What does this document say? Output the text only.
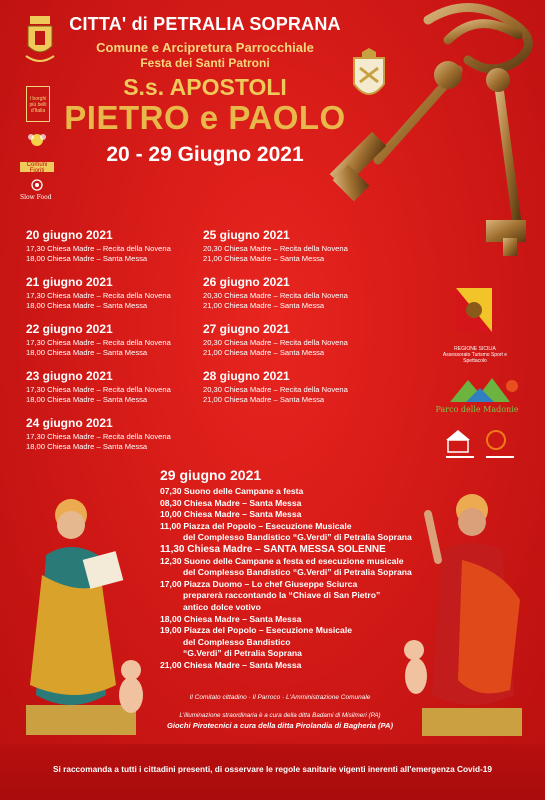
I borghi più belli d'Italia
Comuni Fioriti
Slow Food
CITTA' di PETRALIA SOPRANA
Comune e Arcipretura Parrocchiale
Festa dei Santi Patroni
S.s. APOSTOLI
PIETRO e PAOLO
20 - 29 Giugno 2021
20 giugno 2021
17,30 Chiesa Madre – Recita della Novena
18,00 Chiesa Madre – Santa Messa
21 giugno 2021
17,30 Chiesa Madre – Recita della Novena
18,00 Chiesa Madre – Santa Messa
22 giugno 2021
17,30 Chiesa Madre – Recita della Novena
18,00 Chiesa Madre – Santa Messa
23 giugno 2021
17,30 Chiesa Madre – Recita della Novena
18,00 Chiesa Madre – Santa Messa
24 giugno 2021
17,30 Chiesa Madre – Recita della Novena
18,00 Chiesa Madre – Santa Messa
25 giugno 2021
20,30 Chiesa Madre – Recita della Novena
21,00 Chiesa Madre – Santa Messa
26 giugno 2021
20,30 Chiesa Madre – Recita della Novena
21,00 Chiesa Madre – Santa Messa
27 giugno 2021
20,30 Chiesa Madre – Recita della Novena
21,00 Chiesa Madre – Santa Messa
28 giugno 2021
20,30 Chiesa Madre – Recita della Novena
21,00 Chiesa Madre – Santa Messa
REGIONE SICILIA Assessorato Turismo Sport e Spettacolo
Parco delle Madonie
29 giugno 2021
07,30 Suono delle Campane a festa
08,30 Chiesa Madre – Santa Messa
10,00 Chiesa Madre – Santa Messa
11,00 Piazza del Popolo – Esecuzione Musicale
del Complesso Bandistico “G.Verdi” di Petralia Soprana
11,30 Chiesa Madre – SANTA MESSA SOLENNE
12,30 Suono delle Campane a festa ed esecuzione musicale
del Complesso Bandistico “G.Verdi” di Petralia Soprana
17,00 Piazza Duomo – Lo chef Giuseppe Sciurca
preparerà raccontando la “Chiave di San Pietro”
antico dolce votivo
18,00 Chiesa Madre – Santa Messa
19,00 Piazza del Popolo – Esecuzione Musicale
del Complesso Bandistico
“G.Verdi” di Petralia Soprana
21,00 Chiesa Madre – Santa Messa
Il Comitato cittadino · Il Parroco · L'Amministrazione Comunale
L'illuminazione straordinaria è a cura della ditta Badami di Misilmeri (PA)
Giochi Pirotecnici a cura della ditta Pirolandia di Bagheria (PA)
Si raccomanda a tutti i cittadini presenti, di osservare le regole sanitarie vigenti inerenti all'emergenza Covid-19
